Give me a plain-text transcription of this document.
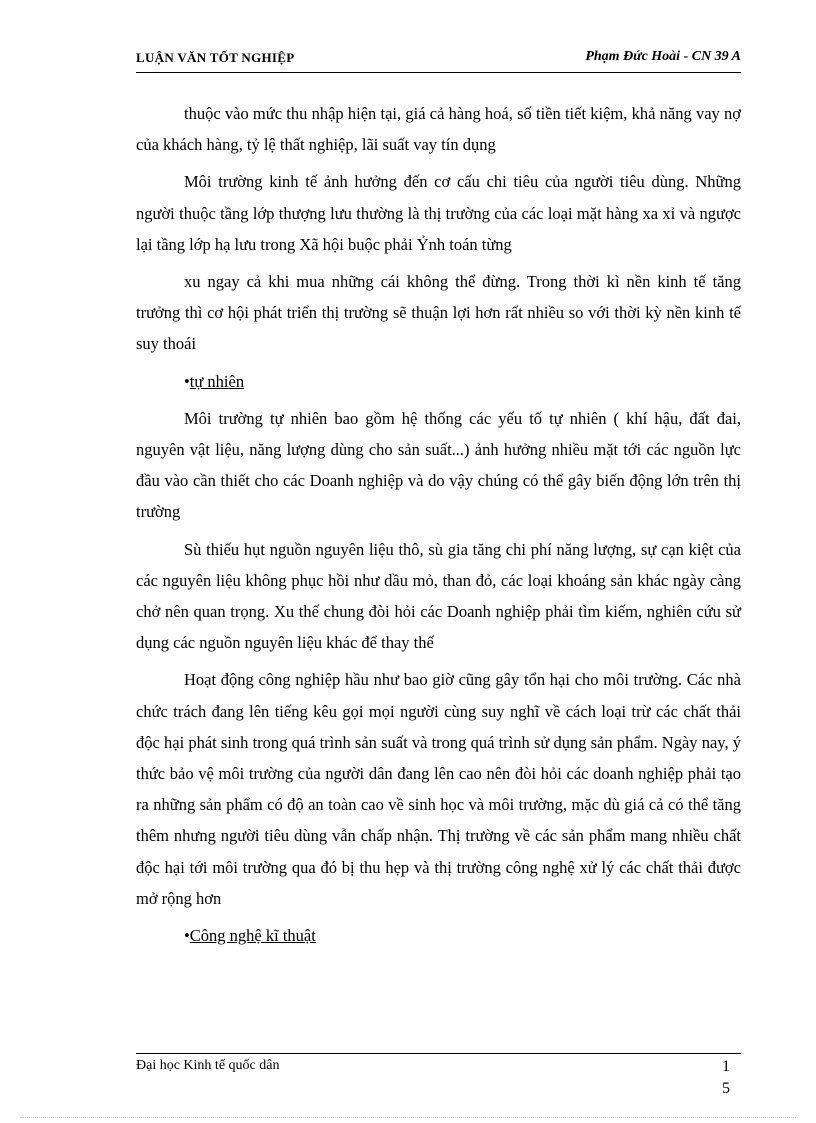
LUẬN VĂN TỐT NGHIỆP	Phạm Đức Hoài - CN 39 A

thuộc vào mức thu nhập hiện tại, giá cả hàng hoá, số tiền tiết kiệm, khả năng vay nợ của khách hàng, tỷ lệ thất nghiệp, lãi suất vay tín dụng

Môi trường kinh tế ảnh hưởng đến cơ cấu chi tiêu của người tiêu dùng. Những người thuộc tầng lớp thượng lưu thường là thị trường của các loại mặt hàng xa xỉ và ngược lại tầng lớp hạ lưu trong Xã hội buộc phải Ỷnh toán từng

xu ngay cả khi mua những cái không thể đừng. Trong thời kì nền kinh tế tăng trưởng thì cơ hội phát triển thị trường sẽ thuận lợi hơn rất nhiều so với thời kỳ nền kinh tế suy thoái

•tự nhiên

Môi trường tự nhiên bao gồm hệ thống các yếu tố tự nhiên ( khí hậu, đất đai, nguyên vật liệu, năng lượng dùng cho sản suất...) ảnh hưởng nhiều mặt tới các nguồn lực đầu vào cần thiết cho các Doanh nghiệp và do vậy chúng có thể gây biến động lớn trên thị trường

Sù thiếu hụt nguồn nguyên liệu thô, sù gia tăng chi phí năng lượng, sự cạn kiệt của các nguyên liệu không phục hồi như dầu mỏ, than đỏ, các loại khoáng sản khác ngày càng chở nên quan trọng. Xu thế chung đòi hỏi các Doanh nghiệp phải tìm kiếm, nghiên cứu sử dụng các nguồn nguyên liệu khác để thay thế

Hoạt động công nghiệp hầu như bao giờ cũng gây tổn hại cho môi trường. Các nhà chức trách đang lên tiếng kêu gọi mọi người cùng suy nghĩ về cách loại trừ các chất thải độc hại phát sinh trong quá trình sản suất và trong quá trình sử dụng sản phẩm. Ngày nay, ý thức bảo vệ môi trường của người dân đang lên cao nên đòi hỏi các doanh nghiệp phải tạo ra những sản phẩm có độ an toàn cao về sinh học và môi trường, mặc dù giá cả có thể tăng thêm nhưng người tiêu dùng vẫn chấp nhận. Thị trường về các sản phẩm mang nhiều chất độc hại tới môi trường qua đó bị thu hẹp và thị trường công nghệ xử lý các chất thải được mở rộng hơn

•Công nghệ kĩ thuật
Đại học Kinh tế quốc dân	1
5
